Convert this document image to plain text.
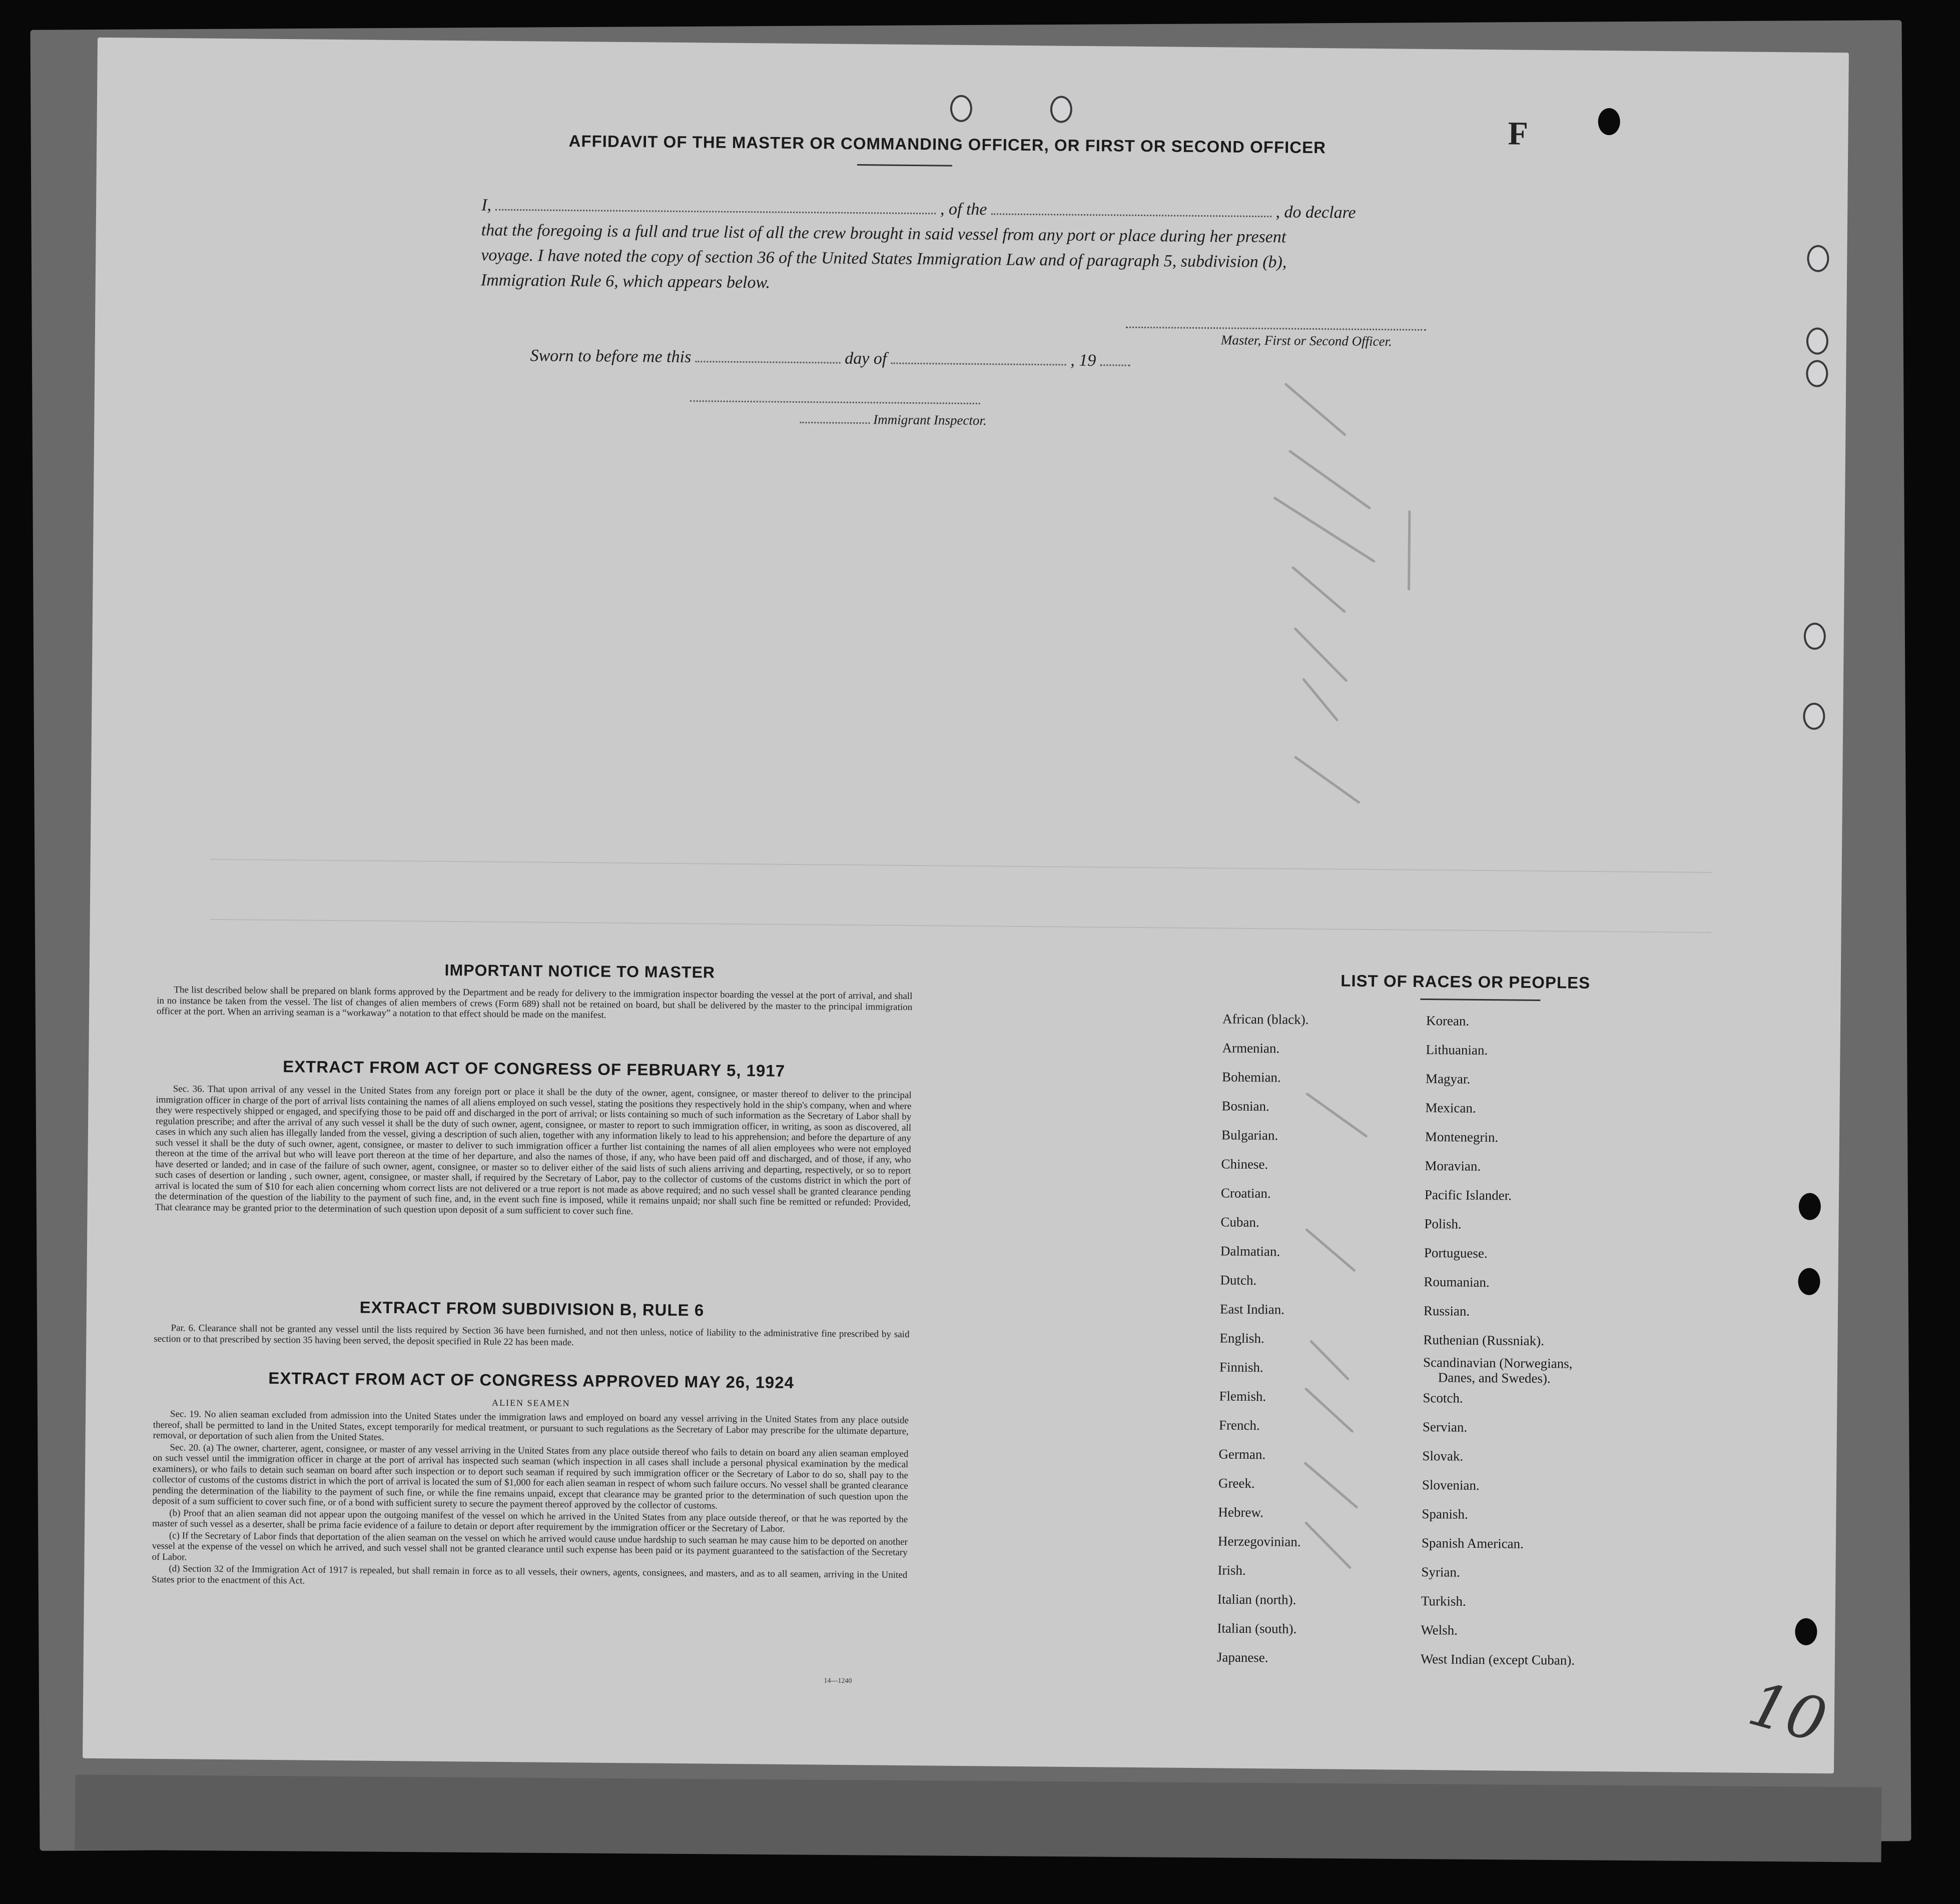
F
AFFIDAVIT OF THE MASTER OR COMMANDING OFFICER, OR FIRST OR SECOND OFFICER
I,	, of the	, do declare
that the foregoing is a full and true list of all the crew brought in said vessel from any port or place during her present
voyage. I have noted the copy of section 36 of the United States Immigration Law and of paragraph 5, subdivision (b),
Immigration Rule 6, which appears below.
Master, First or Second Officer.
Sworn to before me this	day of	, 19
Immigrant Inspector.
IMPORTANT NOTICE TO MASTER

The list described below shall be prepared on blank forms approved by the Department and be ready for delivery to the immigration inspector boarding the vessel at the port of arrival, and shall in no instance be taken from the vessel. The list of changes of alien members of crews (Form 689) shall not be retained on board, but shall be delivered by the master to the principal immigration officer at the port. When an arriving seaman is a “workaway” a notation to that effect should be made on the manifest.

EXTRACT FROM ACT OF CONGRESS OF FEBRUARY 5, 1917

Sec. 36. That upon arrival of any vessel in the United States from any foreign port or place it shall be the duty of the owner, agent, consignee, or master thereof to deliver to the principal immigration officer in charge of the port of arrival lists containing the names of all aliens employed on such vessel, stating the positions they respectively hold in the ship's company, when and where they were respectively shipped or engaged, and specifying those to be paid off and discharged in the port of arrival; or lists containing so much of such information as the Secretary of Labor shall by regulation prescribe; and after the arrival of any such vessel it shall be the duty of such owner, agent, consignee, or master to report to such immigration officer, in writing, as soon as discovered, all cases in which any such alien has illegally landed from the vessel, giving a description of such alien, together with any information likely to lead to his apprehension; and before the departure of any such vessel it shall be the duty of such owner, agent, consignee, or master to deliver to such immigration officer a further list containing the names of all alien employees who were not employed thereon at the time of the arrival but who will leave port thereon at the time of her departure, and also the names of those, if any, who have been paid off and discharged, and of those, if any, who have deserted or landed; and in case of the failure of such owner, agent, consignee, or master so to deliver either of the said lists of such aliens arriving and departing, respectively, or so to report such cases of desertion or landing , such owner, agent, consignee, or master shall, if required by the Secretary of Labor, pay to the collector of customs of the customs district in which the port of arrival is located the sum of $10 for each alien concerning whom correct lists are not delivered or a true report is not made as above required; and no such vessel shall be granted clearance pending the determination of the question of the liability to the payment of such fine, and, in the event such fine is imposed, while it remains unpaid; nor shall such fine be remitted or refunded: Provided, That clearance may be granted prior to the determination of such question upon deposit of a sum sufficient to cover such fine.

EXTRACT FROM SUBDIVISION B, RULE 6

Par. 6. Clearance shall not be granted any vessel until the lists required by Section 36 have been furnished, and not then unless, notice of liability to the administrative fine prescribed by said section or to that prescribed by section 35 having been served, the deposit specified in Rule 22 has been made.

EXTRACT FROM ACT OF CONGRESS APPROVED MAY 26, 1924
ALIEN SEAMEN

Sec. 19. No alien seaman excluded from admission into the United States under the immigration laws and employed on board any vessel arriving in the United States from any place outside thereof, shall be permitted to land in the United States, except temporarily for medical treatment, or pursuant to such regulations as the Secretary of Labor may prescribe for the ultimate departure, removal, or deportation of such alien from the United States.

Sec. 20. (a) The owner, charterer, agent, consignee, or master of any vessel arriving in the United States from any place outside thereof who fails to detain on board any alien seaman employed on such vessel until the immigration officer in charge at the port of arrival has inspected such seaman (which inspection in all cases shall include a personal physical examination by the medical examiners), or who fails to detain such seaman on board after such inspection or to deport such seaman if required by such immigration officer or the Secretary of Labor to do so, shall pay to the collector of customs of the customs district in which the port of arrival is located the sum of $1,000 for each alien seaman in respect of whom such failure occurs. No vessel shall be granted clearance pending the determination of the liability to the payment of such fine, or while the fine remains unpaid, except that clearance may be granted prior to the determination of such question upon the deposit of a sum sufficient to cover such fine, or of a bond with sufficient surety to secure the payment thereof approved by the collector of customs.

(b) Proof that an alien seaman did not appear upon the outgoing manifest of the vessel on which he arrived in the United States from any place outside thereof, or that he was reported by the master of such vessel as a deserter, shall be prima facie evidence of a failure to detain or deport after requirement by the immigration officer or the Secretary of Labor.

(c) If the Secretary of Labor finds that deportation of the alien seaman on the vessel on which he arrived would cause undue hardship to such seaman he may cause him to be deported on another vessel at the expense of the vessel on which he arrived, and such vessel shall not be granted clearance until such expense has been paid or its payment guaranteed to the satisfaction of the Secretary of Labor.

(d) Section 32 of the Immigration Act of 1917 is repealed, but shall remain in force as to all vessels, their owners, agents, consignees, and masters, and as to all seamen, arriving in the United States prior to the enactment of this Act.

14—1240
LIST OF RACES OR PEOPLES
African (black).
Armenian.
Bohemian.
Bosnian.
Bulgarian.
Chinese.
Croatian.
Cuban.
Dalmatian.
Dutch.
East Indian.
English.
Finnish.
Flemish.
French.
German.
Greek.
Hebrew.
Herzegovinian.
Irish.
Italian (north).
Italian (south).
Japanese.
Korean.
Lithuanian.
Magyar.
Mexican.
Montenegrin.
Moravian.
Pacific Islander.
Polish.
Portuguese.
Roumanian.
Russian.
Ruthenian (Russniak).
Scandinavian (Norwegians,
Danes, and Swedes).
Scotch.
Servian.
Slovak.
Slovenian.
Spanish.
Spanish American.
Syrian.
Turkish.
Welsh.
West Indian (except Cuban).
10
